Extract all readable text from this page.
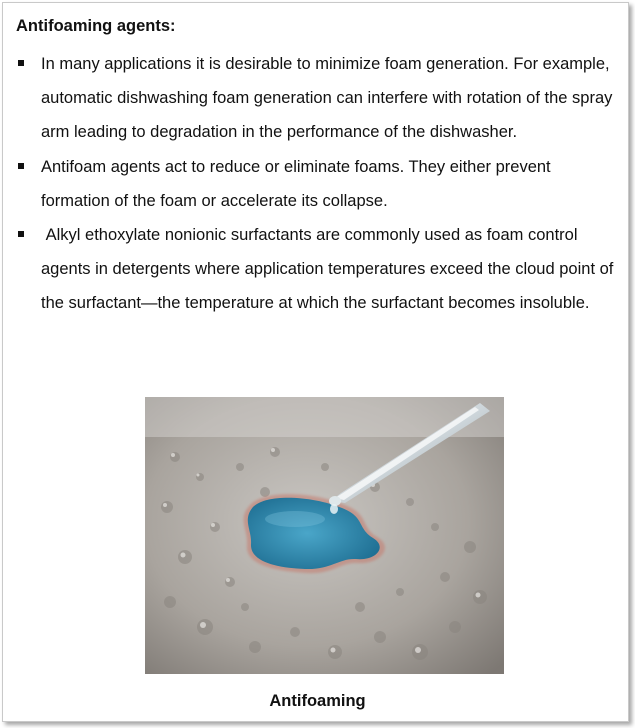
Antifoaming agents:
In many applications it is desirable to minimize foam generation. For example, automatic dishwashing foam generation can interfere with rotation of the spray arm leading to degradation in the performance of the dishwasher.
Antifoam agents act to reduce or eliminate foams. They either prevent formation of the foam or accelerate its collapse.
Alkyl ethoxylate nonionic surfactants are commonly used as foam control agents in detergents where application temperatures exceed the cloud point of the surfactant—the temperature at which the surfactant becomes insoluble.
Antifoaming
